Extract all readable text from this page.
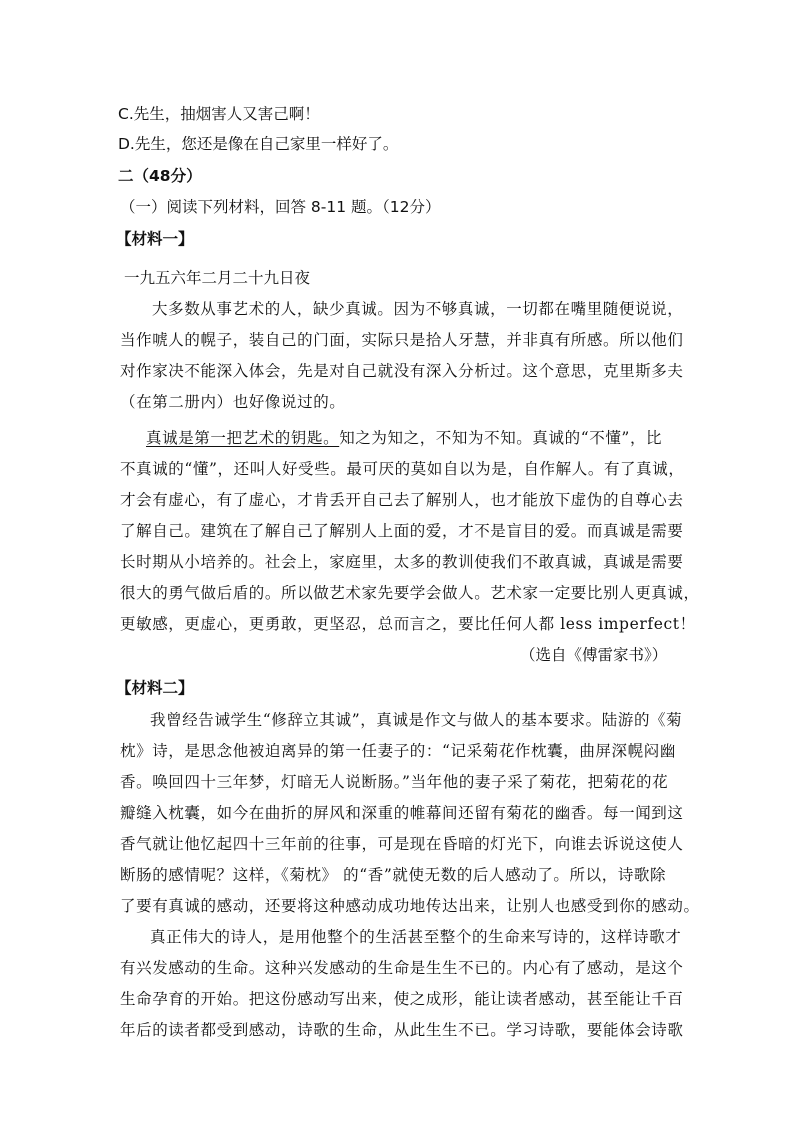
C.先生，抽烟害人又害己啊！
D.先生，您还是像在自己家里一样好了。
二（48分）
（一）阅读下列材料，回答 8-11 题。（12分）
【材料一】
一九五六年二月二十九日夜
大多数从事艺术的人，缺少真诚。因为不够真诚，一切都在嘴里随便说说，
当作唬人的幌子，装自己的门面，实际只是拾人牙慧，并非真有所感。所以他们
对作家决不能深入体会，先是对自己就没有深入分析过。这个意思，克里斯多夫
（在第二册内）也好像说过的。
真诚是第一把艺术的钥匙。知之为知之，不知为不知。真诚的“不懂”，比
不真诚的“懂”，还叫人好受些。最可厌的莫如自以为是，自作解人。有了真诚，
才会有虚心，有了虚心，才肯丢开自己去了解别人，也才能放下虚伪的自尊心去
了解自己。建筑在了解自己了解别人上面的爱，才不是盲目的爱。而真诚是需要
长时期从小培养的。社会上，家庭里，太多的教训使我们不敢真诚，真诚是需要
很大的勇气做后盾的。所以做艺术家先要学会做人。艺术家一定要比别人更真诚，
更敏感，更虚心，更勇敢，更坚忍，总而言之，要比任何人都 less imperfect！
（选自《傅雷家书》）
【材料二】
我曾经告诫学生“修辞立其诚”，真诚是作文与做人的基本要求。陆游的《菊
枕》诗，是思念他被迫离异的第一任妻子的：“记采菊花作枕囊，曲屏深幌闷幽
香。唤回四十三年梦，灯暗无人说断肠。”当年他的妻子采了菊花，把菊花的花
瓣缝入枕囊，如今在曲折的屏风和深重的帷幕间还留有菊花的幽香。每一闻到这
香气就让他忆起四十三年前的往事，可是现在昏暗的灯光下，向谁去诉说这使人
断肠的感情呢？这样，《菊枕》 的“香”就使无数的后人感动了。所以，诗歌除
了要有真诚的感动，还要将这种感动成功地传达出来，让别人也感受到你的感动。
真正伟大的诗人，是用他整个的生活甚至整个的生命来写诗的，这样诗歌才
有兴发感动的生命。这种兴发感动的生命是生生不已的。内心有了感动，是这个
生命孕育的开始。把这份感动写出来，使之成形，能让读者感动，甚至能让千百
年后的读者都受到感动，诗歌的生命，从此生生不已。学习诗歌，要能体会诗歌
